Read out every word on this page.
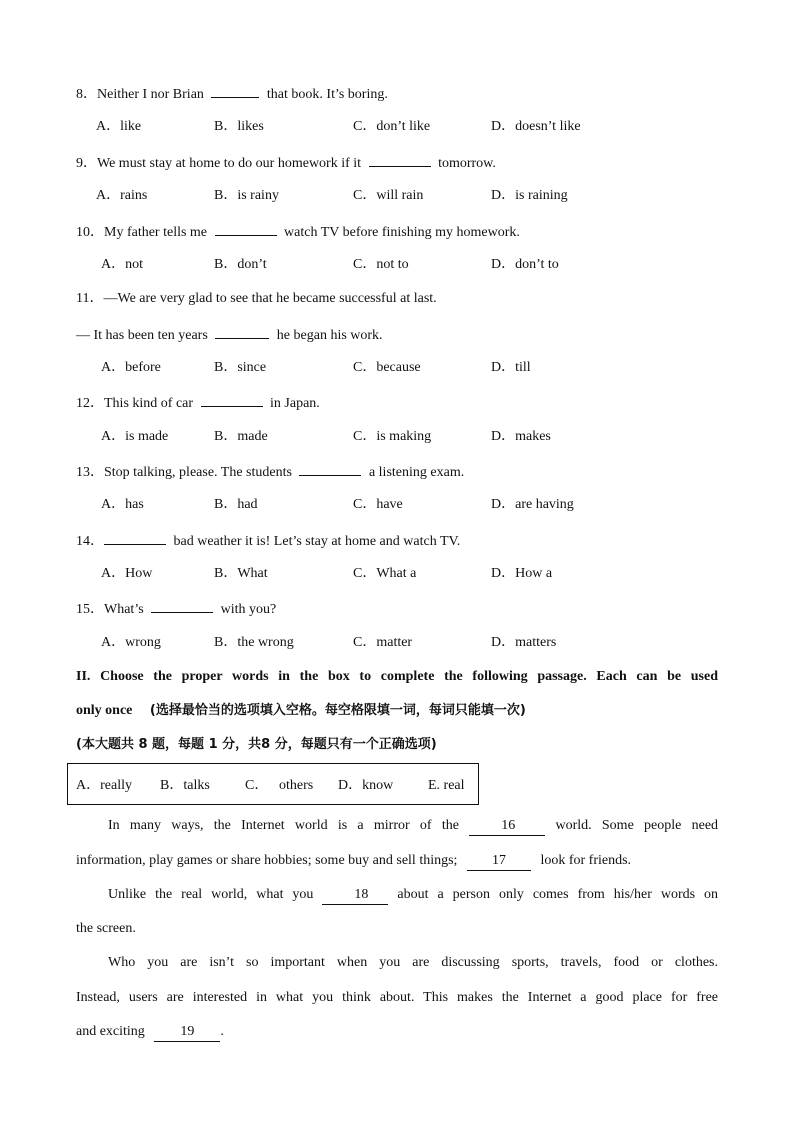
8．Neither I nor Brian	that book. It’s boring.
A．like	B．likes	C．don’t like	D．doesn’t like
9．We must stay at home to do our homework if it	tomorrow.
A．rains	B．is rainy	C．will rain	D．is raining
10．My father tells me	watch TV before finishing my homework.
A．not	B．don’t	C．not to	D．don’t to
11．—We are very glad to see that he became successful at last.
— It has been ten years	he began his work.
A．before	B．since	C．because	D．till
12．This kind of car	in Japan.
A．is made	B．made	C．is making	D．makes
13．Stop talking, please. The students	a listening exam.
A．has	B．had	C．have	D．are having
14．	bad weather it is! Let’s stay at home and watch TV.
A．How	B．What	C．What a	D．How a
15．What’s	with you?
A．wrong	B．the wrong	C．matter	D．matters
II. Choose the proper words in the box to complete the following passage. Each can be used
only once (选择最恰当的选项填入空格。每空格限填一词，每词只能填一次)
(本大题共 8 题，每题 1 分，共8 分，每题只有一个正确选项)
A．really B．talks	C． others D．know E. real
In many ways, the Internet world is a mirror of the	16	world. Some people need
information, play games or share hobbies; some buy and sell things; 17 look for friends.
Unlike the real world, what you	18 about a person only comes from his/her words on
the screen.
Who you are isn’t so important when you are discussing sports, travels, food or clothes.
Instead, users are interested in what you think about. This makes the Internet a good place for free
and exciting	19 .
